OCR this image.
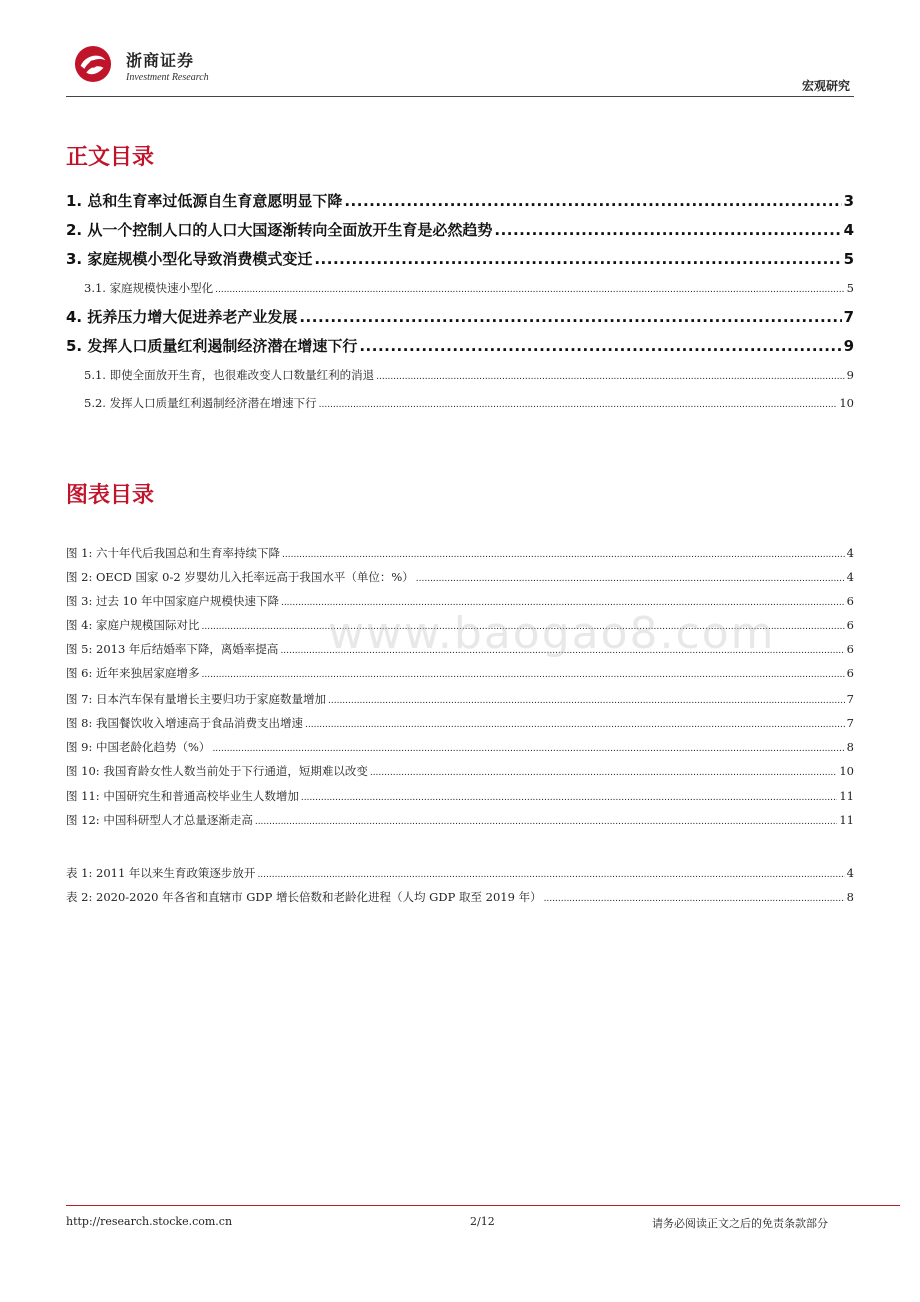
浙商证券
Investment Research
宏观研究
正文目录
1. 总和生育率过低源自生育意愿明显下降 .....	3
2. 从一个控制人口的人口大国逐渐转向全面放开生育是必然趋势 .....	4
3. 家庭规模小型化导致消费模式变迁 .....	5
3.1. 家庭规模快速小型化 .....	5
4. 抚养压力增大促进养老产业发展 .....	7
5. 发挥人口质量红利遏制经济潜在增速下行 .....	9
5.1. 即使全面放开生育，也很难改变人口数量红利的消退 .....	9
5.2. 发挥人口质量红利遏制经济潜在增速下行 .....	10
图表目录
图 1: 六十年代后我国总和生育率持续下降 .....	4
图 2: OECD 国家 0-2 岁婴幼儿入托率远高于我国水平（单位：%） .....	4
图 3: 过去 10 年中国家庭户规模快速下降 .....	6
图 4: 家庭户规模国际对比 .....	6
图 5: 2013 年后结婚率下降，离婚率提高 .....	6
图 6: 近年来独居家庭增多 .....	6
图 7: 日本汽车保有量增长主要归功于家庭数量增加 .....	7
图 8: 我国餐饮收入增速高于食品消费支出增速 .....	7
图 9: 中国老龄化趋势（%） .....	8
图 10: 我国育龄女性人数当前处于下行通道，短期难以改变 .....	10
图 11: 中国研究生和普通高校毕业生人数增加 .....	11
图 12: 中国科研型人才总量逐渐走高 .....	11
表 1: 2011 年以来生育政策逐步放开 .....	4
表 2: 2020-2020 年各省和直辖市 GDP 增长倍数和老龄化进程（人均 GDP 取至 2019 年） .....	8
www.baogao8.com
http://research.stocke.com.cn	2/12	请务必阅读正文之后的免责条款部分
